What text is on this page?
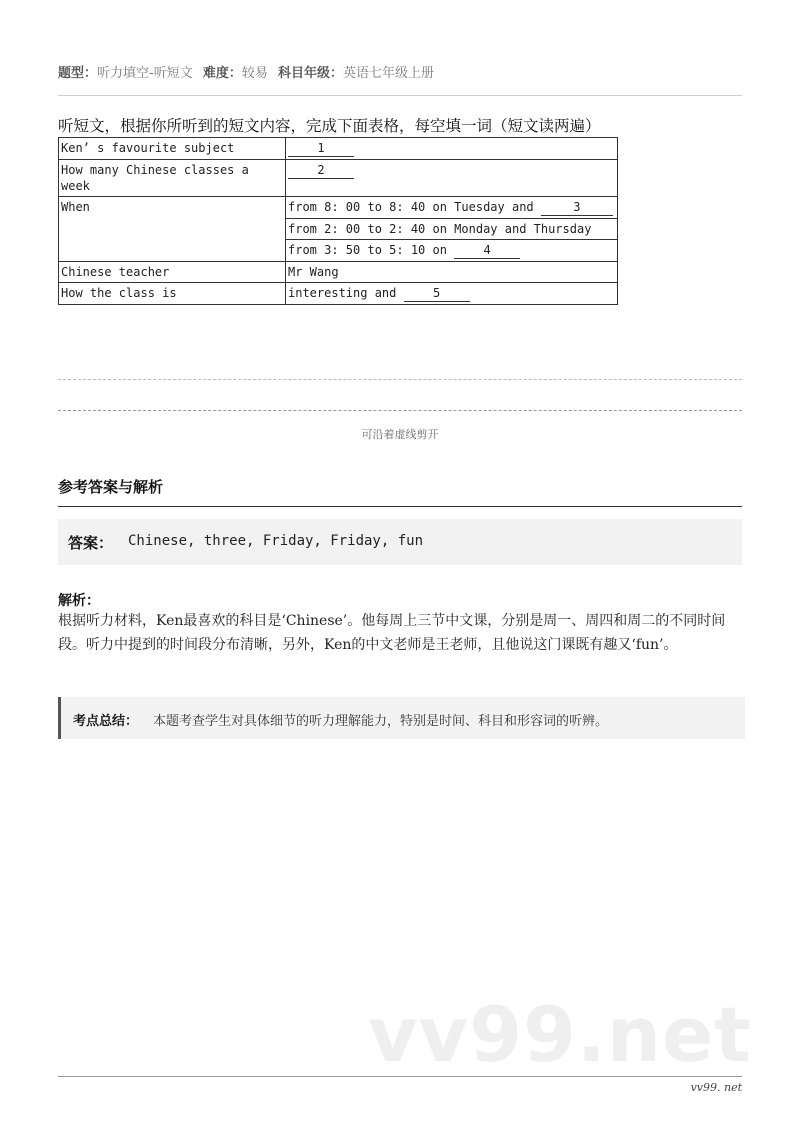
题型：听力填空-听短文 难度：较易 科目年级：英语七年级上册
听短文，根据你所听到的短文内容，完成下面表格，每空填一词（短文读两遍）
Ken’ s favourite subject	1
How many Chinese classes a week	2
When	from 8: 00 to 8: 40 on Tuesday and 3
	from 2: 00 to 2: 40 on Monday and Thursday
	from 3: 50 to 5: 10 on 4
Chinese teacher	Mr Wang
How the class is	interesting and 5
可沿着虚线剪开
参考答案与解析
答案： Chinese, three, Friday, Friday, fun
解析：
根据听力材料，Ken最喜欢的科目是‘Chinese’。他每周上三节中文课，分别是周一、周四和周二的不同时间段。听力中提到的时间段分布清晰，另外，Ken的中文老师是王老师，且他说这门课既有趣又‘fun’。
考点总结： 本题考查学生对具体细节的听力理解能力，特别是时间、科目和形容词的听辨。
vv99.net
vv99. net
